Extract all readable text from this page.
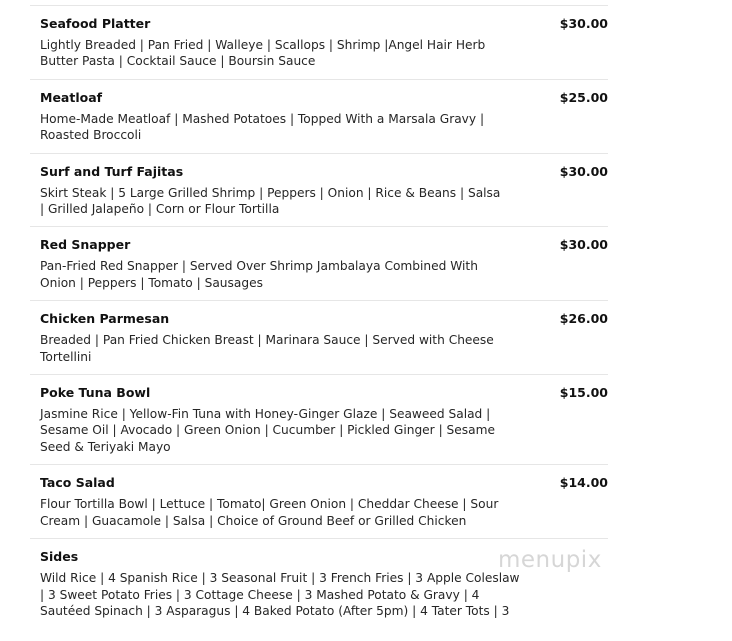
Seafood Platter	$30.00
Lightly Breaded | Pan Fried | Walleye | Scallops | Shrimp |Angel Hair Herb Butter Pasta | Cocktail Sauce | Boursin Sauce
Meatloaf	$25.00
Home-Made Meatloaf | Mashed Potatoes | Topped With a Marsala Gravy | Roasted Broccoli
Surf and Turf Fajitas	$30.00
Skirt Steak | 5 Large Grilled Shrimp | Peppers | Onion | Rice & Beans | Salsa | Grilled Jalapeño | Corn or Flour Tortilla
Red Snapper	$30.00
Pan-Fried Red Snapper | Served Over Shrimp Jambalaya Combined With Onion | Peppers | Tomato | Sausages
Chicken Parmesan	$26.00
Breaded | Pan Fried Chicken Breast | Marinara Sauce | Served with Cheese Tortellini
Poke Tuna Bowl	$15.00
Jasmine Rice | Yellow-Fin Tuna with Honey-Ginger Glaze | Seaweed Salad | Sesame Oil | Avocado | Green Onion | Cucumber | Pickled Ginger | Sesame Seed & Teriyaki Mayo
Taco Salad	$14.00
Flour Tortilla Bowl | Lettuce | Tomato| Green Onion | Cheddar Cheese | Sour Cream | Guacamole | Salsa | Choice of Ground Beef or Grilled Chicken
Sides
Wild Rice | 4 Spanish Rice | 3 Seasonal Fruit | 3 French Fries | 3 Apple Coleslaw | 3 Sweet Potato Fries | 3 Cottage Cheese | 3 Mashed Potato & Gravy | 4 Sautéed Spinach | 3 Asparagus | 4 Baked Potato (After 5pm) | 4 Tater Tots | 3
menupix
